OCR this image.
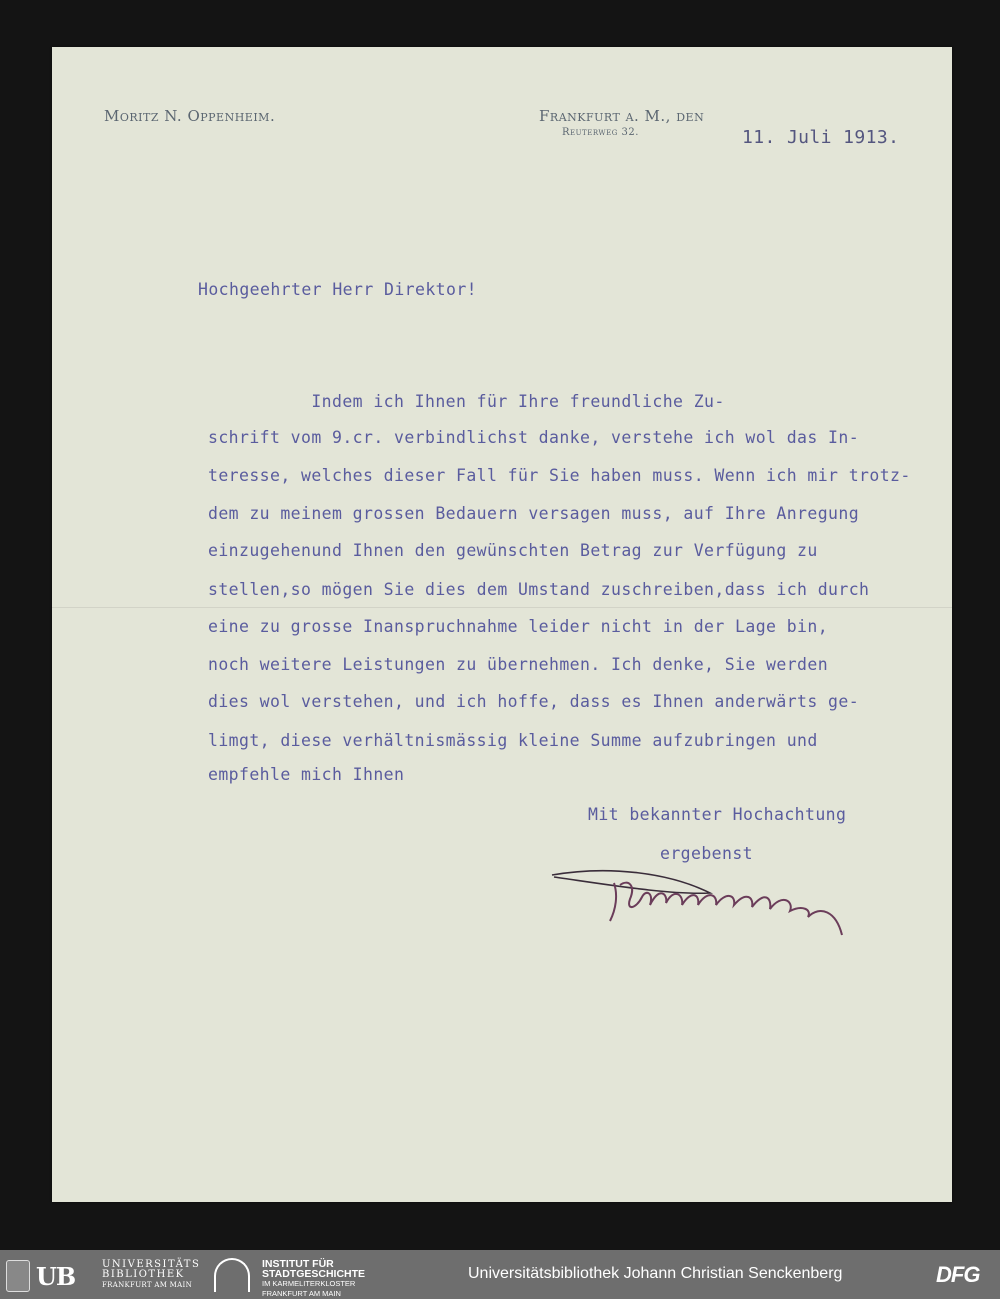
Moritz N. Oppenheim.	Frankfurt a. M., den
Reuterweg 32.	11. Juli 1913.
Hochgeehrter Herr Direktor!
Indem ich Ihnen für Ihre freundliche Zu-
schrift vom 9.cr. verbindlichst danke, verstehe ich wol das In-
teresse, welches dieser Fall für Sie haben muss. Wenn ich mir trotz-
dem zu meinem grossen Bedauern versagen muss, auf Ihre Anregung
einzugehenund Ihnen den gewünschten Betrag zur Verfügung zu
stellen,so mögen Sie dies dem Umstand zuschreiben,dass ich durch
eine zu grosse Inanspruchnahme leider nicht in der Lage bin,
noch weitere Leistungen zu übernehmen. Ich denke, Sie werden
dies wol verstehen, und ich hoffe, dass es Ihnen anderwärts ge-
limgt, diese verhältnismässig kleine Summe aufzubringen und
empfehle mich Ihnen
Mit bekannter Hochachtung
ergebenst
UB	UNIVERSITÄTS
BIBLIOTHEK
FRANKFURT AM MAIN
INSTITUT FÜR
STADTGESCHICHTE
IM KARMELITERKLOSTER
FRANKFURT AM MAIN
Universitätsbibliothek Johann Christian Senckenberg	DFG
